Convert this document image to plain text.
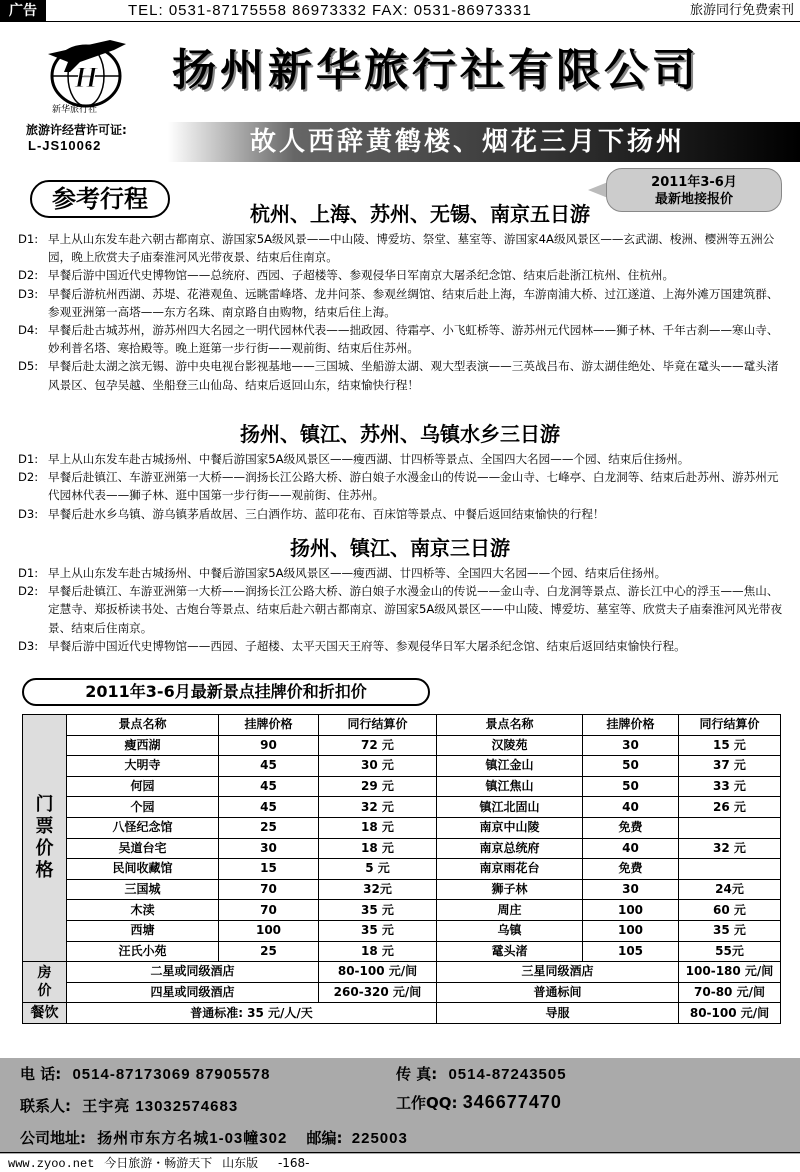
广告	TEL: 0531-87175558 86973332 FAX: 0531-86973331	旅游同行免费索刊
H
新华旅行社
扬州新华旅行社有限公司
旅游许经营许可证:
L-JS10062	故人西辞黄鹤楼、烟花三月下扬州
参考行程
2011年3-6月
最新地接报价
杭州、上海、苏州、无锡、南京五日游
D1: 早上从山东发车赴六朝古都南京、游国家5A级风景——中山陵、博爱坊、祭堂、墓室等、游国家4A级风景区——玄武湖、梭洲、樱洲等五洲公园，晚上欣赏夫子庙秦淮河风光带夜景、结束后住南京。
D2: 早餐后游中国近代史博物馆——总统府、西园、子超楼等、参观侵华日军南京大屠杀纪念馆、结束后赴浙江杭州、住杭州。
D3: 早餐后游杭州西湖、苏堤、花港观鱼、远眺雷峰塔、龙井问茶、参观丝绸馆、结束后赴上海，车游南浦大桥、过江遂道、上海外滩万国建筑群、参观亚洲第一高塔——东方名珠、南京路自由购物，结束后住上海。
D4: 早餐后赴古城苏州，游苏州四大名园之一明代园林代表——拙政园、待霜亭、小飞虹桥等、游苏州元代园林——狮子林、千年古刹——寒山寺、妙利普名塔、寒拾殿等。晚上逛第一步行街——观前街、结束后住苏州。
D5: 早餐后赴太湖之滨无锡、游中央电视台影视基地——三国城、坐船游太湖、观大型表演——三英战吕布、游太湖佳绝处、毕竟在鼋头——鼋头渚风景区、包孕吴越、坐船登三山仙岛、结束后返回山东，结束愉快行程！
扬州、镇江、苏州、乌镇水乡三日游
D1: 早上从山东发车赴古城扬州、中餐后游国家5A级风景区——瘦西湖、廿四桥等景点、全国四大名园——个园、结束后住扬州。
D2: 早餐后赴镇江、车游亚洲第一大桥——润扬长江公路大桥、游白娘子水漫金山的传说——金山寺、七峰亭、白龙洞等、结束后赴苏州、游苏州元代园林代表——狮子林、逛中国第一步行街——观前街、住苏州。
D3: 早餐后赴水乡乌镇、游乌镇茅盾故居、三白酒作坊、蓝印花布、百床馆等景点、中餐后返回结束愉快的行程！
扬州、镇江、南京三日游
D1: 早上从山东发车赴古城扬州、中餐后游国家5A级风景区——瘦西湖、廿四桥等、全国四大名园——个园、结束后住扬州。
D2: 早餐后赴镇江、车游亚洲第一大桥——润扬长江公路大桥、游白娘子水漫金山的传说——金山寺、白龙洞等景点、游长江中心的浮玉——焦山、定慧寺、郑扳桥读书处、古炮台等景点、结束后赴六朝古都南京、游国家5A级风景区——中山陵、博爱坊、墓室等、欣赏夫子庙秦淮河风光带夜景、结束后住南京。
D3: 早餐后游中国近代史博物馆——西园、子超楼、太平天国天王府等、参观侵华日军大屠杀纪念馆、结束后返回结束愉快行程。
2011年3-6月最新景点挂牌价和折扣价
门
票
价
格	景点名称	挂牌价格	同行结算价	景点名称	挂牌价格	同行结算价
	瘦西湖	90	72 元	汉陵苑	30	15 元
	大明寺	45	30 元	镇江金山	50	37 元
	何园	45	29 元	镇江焦山	50	33 元
	个园	45	32 元	镇江北固山	40	26 元
	八怪纪念馆	25	18 元	南京中山陵	免费	
	吴道台宅	30	18 元	南京总统府	40	32 元
	民间收藏馆	15	5 元	南京雨花台	免费	
	三国城	70	32元	狮子林	30	24元
	木渎	70	35 元	周庄	100	60 元
	西塘	100	35 元	乌镇	100	35 元
	汪氏小苑	25	18 元	鼋头渚	105	55元

房
价	二星或同级酒店		80-100 元/间	三星同级酒店		100-180 元/间
	四星或同级酒店		260-320 元/间	普通标间		70-80 元/间
餐饮	普通标准: 35 元/人/天			导服		80-100 元/间
电 话: 0514-87173069 87905578	传 真: 0514-87243505
联系人: 王宇亮 13032574683	工作QQ: 346677470
公司地址: 扬州市东方名城1-03幢302 邮编: 225003
www.zyoo.net 今日旅游・畅游天下 山东版 -168-
